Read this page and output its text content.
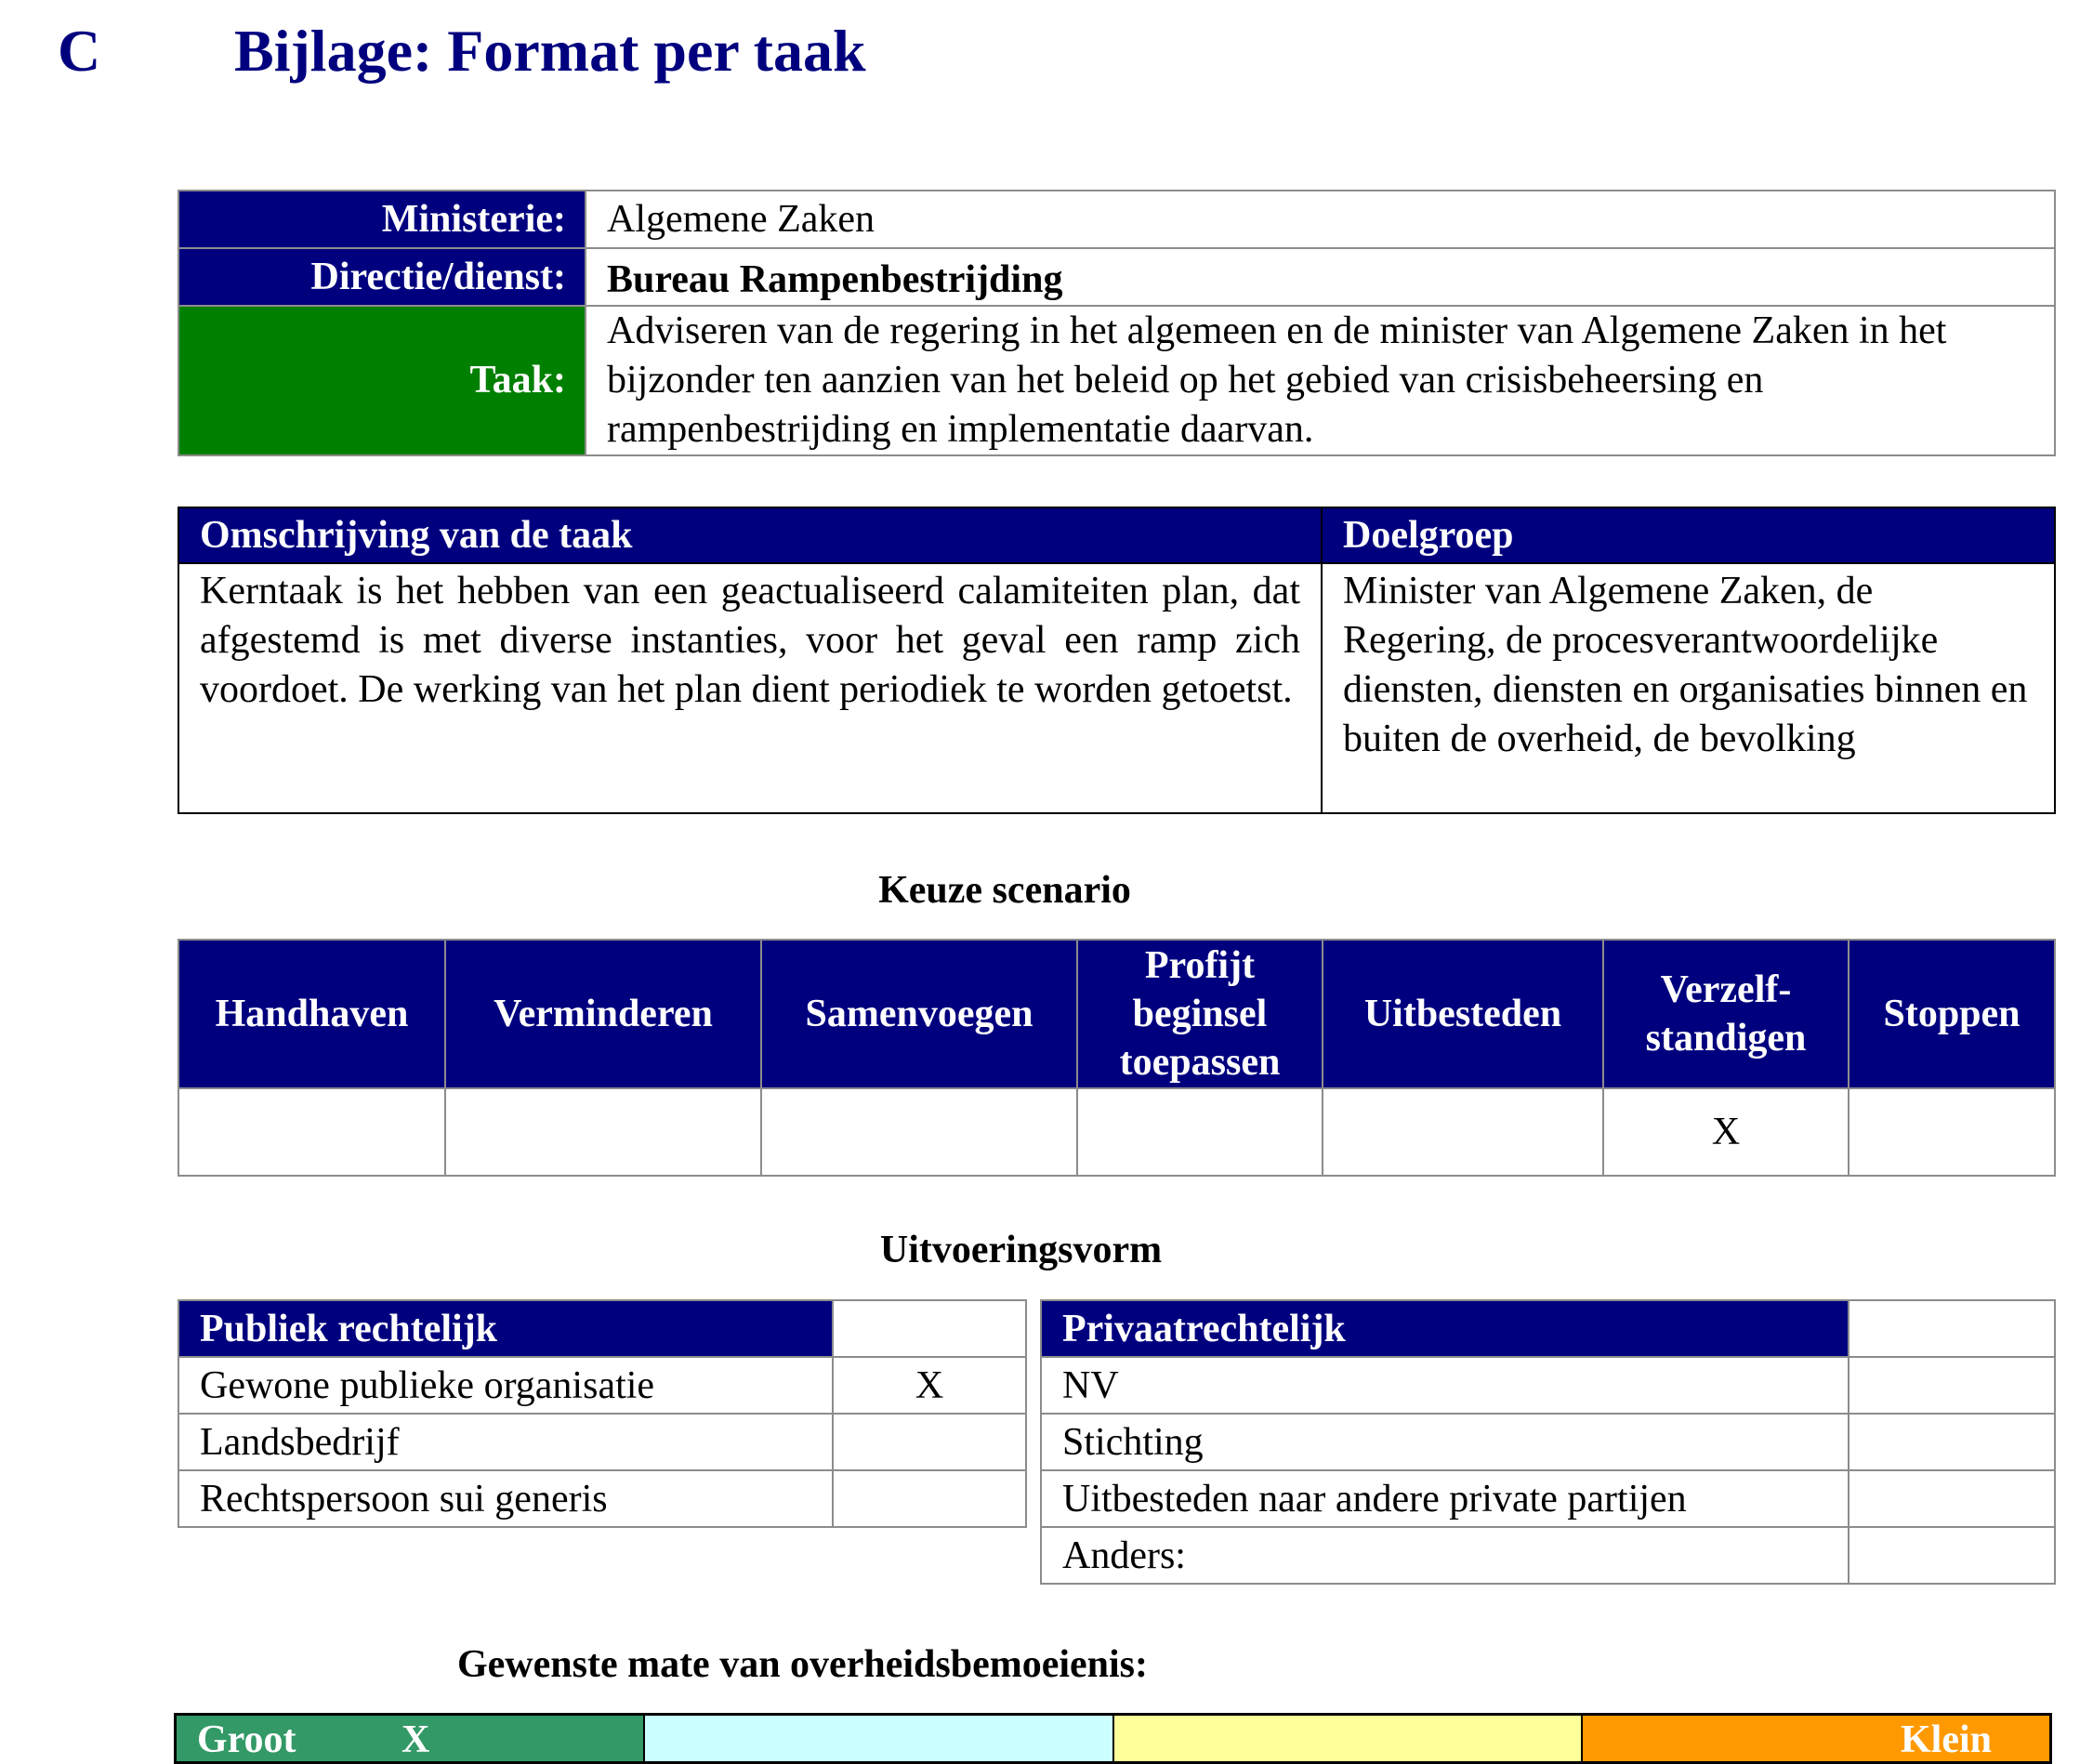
C Bijlage: Format per taak
Ministerie:	Algemene Zaken
Directie/dienst:	Bureau Rampenbestrijding
Taak:	Adviseren van de regering in het algemeen en de minister van Algemene Zaken in het bijzonder ten aanzien van het beleid op het gebied van crisisbeheersing en rampenbestrijding en implementatie daarvan.
Omschrijving van de taak	Doelgroep
Kerntaak is het hebben van een geactualiseerd calamiteiten plan, dat afgestemd is met diverse instanties, voor het geval een ramp zich voordoet. De werking van het plan dient periodiek te worden getoetst.	Minister van Algemene Zaken, de Regering, de procesverantwoordelijke diensten, diensten en organisaties binnen en buiten de overheid, de bevolking
Keuze scenario
Handhaven	Verminderen	Samenvoegen	Profijt beginsel toepassen	Uitbesteden	Verzelf-standigen	Stoppen
					X	
Uitvoeringsvorm
Publiek rechtelijk	
Gewone publieke organisatie	X
Landsbedrijf	
Rechtspersoon sui generis	
Privaatrechtelijk	
NV	
Stichting	
Uitbesteden naar andere private partijen	
Anders:	
Gewenste mate van overheidsbemoeienis:
Groot	X	Klein
